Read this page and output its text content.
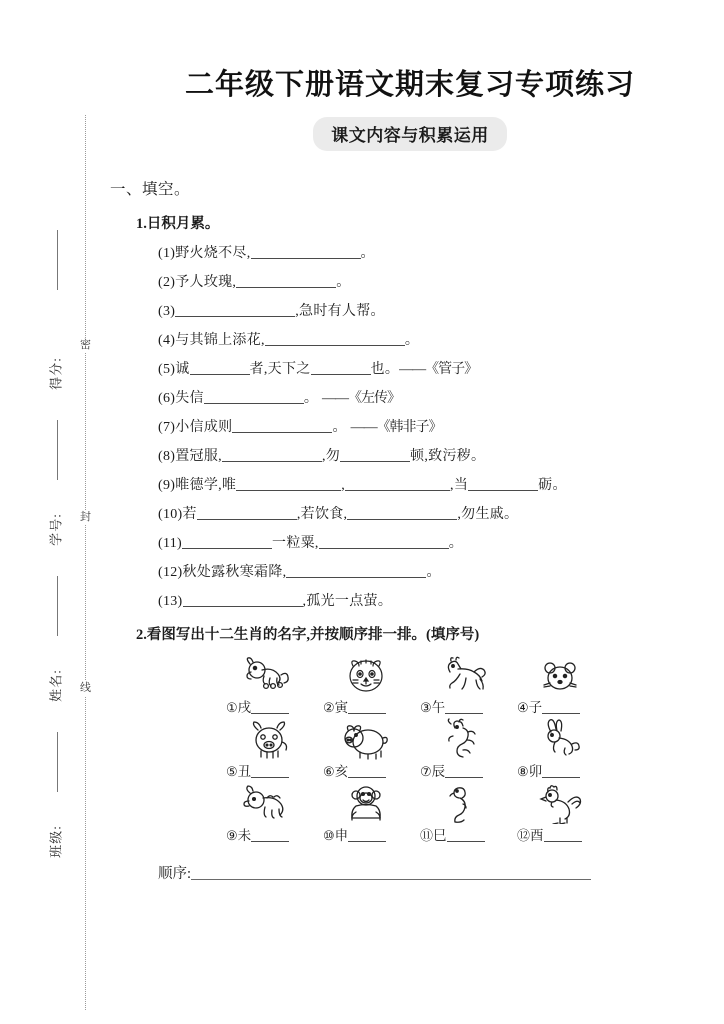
密
封
线
得分:
学号:
姓名:
班级:
二年级下册语文期末复习专项练习
课文内容与积累运用
一、填空。
1.日积月累。
(1)野火烧不尽,	。
(2)予人玫瑰,	。
(3)	,急时有人帮。
(4)与其锦上添花,	。
(5)诚	者,天下之	也。——《管子》
(6)失信	。 ——《左传》
(7)小信成则	。 ——《韩非子》
(8)置冠服,	,勿	顿,致污秽。
(9)唯德学,唯	,	,当	砺。
(10)若	,若饮食,	,勿生戚。
(11)	一粒粟,	。
(12)秋处露秋寒霜降,	。
(13)	,孤光一点萤。
2.看图写出十二生肖的名字,并按顺序排一排。(填序号)
①戌	②寅	③午	④子
⑤丑	⑥亥	⑦辰	⑧卯
⑨未	⑩申	⑪巳	⑫酉
顺序:
